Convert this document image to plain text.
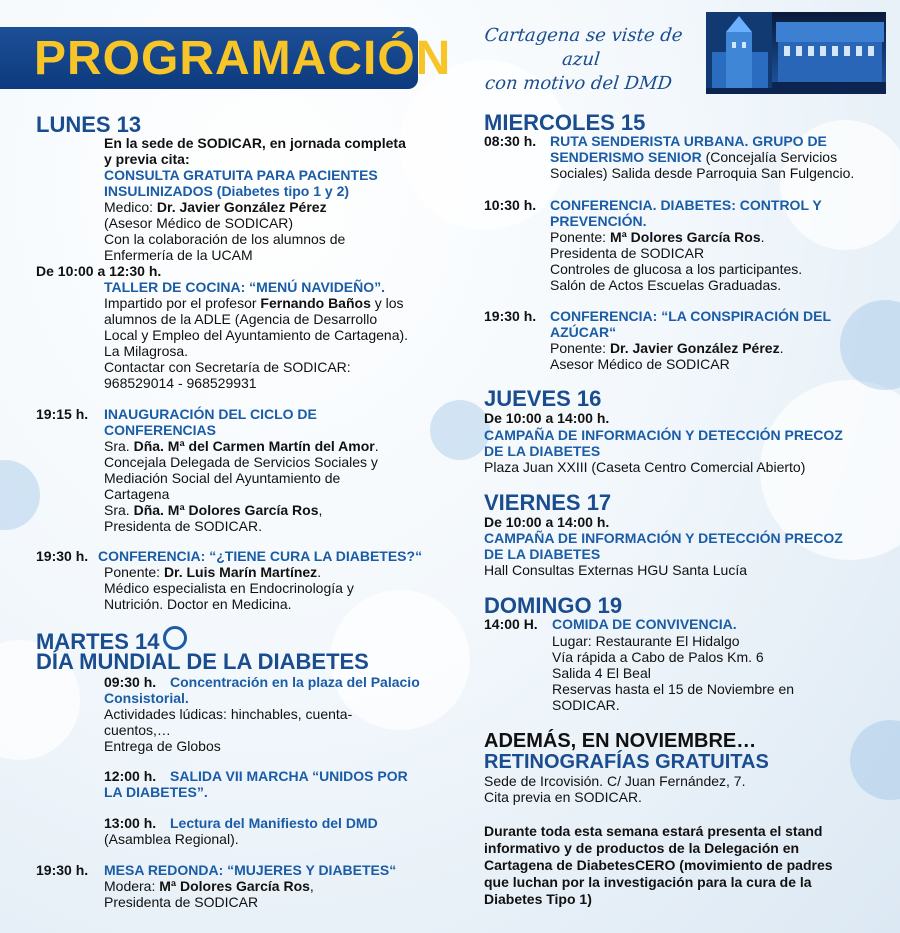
PROGRAMACIÓN	Cartagena se viste de azul
con motivo del DMD
LUNES 13
En la sede de SODICAR, en jornada completa
y previa cita:
CONSULTA GRATUITA PARA PACIENTES
INSULINIZADOS (Diabetes tipo 1 y 2)
Medico: Dr. Javier González Pérez
(Asesor Médico de SODICAR)
Con la colaboración de los alumnos de
Enfermería de la UCAM
De 10:00 a 12:30 h.
TALLER DE COCINA: “MENÚ NAVIDEÑO”.
Impartido por el profesor Fernando Baños y los
alumnos de la ADLE (Agencia de Desarrollo
Local y Empleo del Ayuntamiento de Cartagena).
La Milagrosa.
Contactar con Secretaría de SODICAR:
968529014 - 968529931
19:15 h. INAUGURACIÓN DEL CICLO DE
CONFERENCIAS
Sra. Dña. Mª del Carmen Martín del Amor.
Concejala Delegada de Servicios Sociales y
Mediación Social del Ayuntamiento de
Cartagena
Sra. Dña. Mª Dolores García Ros,
Presidenta de SODICAR.
19:30 h. CONFERENCIA: “¿TIENE CURA LA DIABETES?“
Ponente: Dr. Luis Marín Martínez.
Médico especialista en Endocrinología y
Nutrición. Doctor en Medicina.
MARTES 14
DÍA MUNDIAL DE LA DIABETES
09:30 h. Concentración en la plaza del Palacio
Consistorial.
Actividades lúdicas: hinchables, cuenta-
cuentos,…
Entrega de Globos
12:00 h. SALIDA VII MARCHA “UNIDOS POR
LA DIABETES”.
13:00 h. Lectura del Manifiesto del DMD
(Asamblea Regional).
19:30 h. MESA REDONDA: “MUJERES Y DIABETES“
Modera: Mª Dolores García Ros,
Presidenta de SODICAR
MIERCOLES 15
08:30 h. RUTA SENDERISTA URBANA. GRUPO DE
SENDERISMO SENIOR (Concejalía Servicios
Sociales) Salida desde Parroquia San Fulgencio.
10:30 h. CONFERENCIA. DIABETES: CONTROL Y
PREVENCIÓN.
Ponente: Mª Dolores García Ros.
Presidenta de SODICAR
Controles de glucosa a los participantes.
Salón de Actos Escuelas Graduadas.
19:30 h. CONFERENCIA: “LA CONSPIRACIÓN DEL
AZÚCAR“
Ponente: Dr. Javier González Pérez.
Asesor Médico de SODICAR
JUEVES 16
De 10:00 a 14:00 h.
CAMPAÑA DE INFORMACIÓN Y DETECCIÓN PRECOZ
DE LA DIABETES
Plaza Juan XXIII (Caseta Centro Comercial Abierto)
VIERNES 17
De 10:00 a 14:00 h.
CAMPAÑA DE INFORMACIÓN Y DETECCIÓN PRECOZ
DE LA DIABETES
Hall Consultas Externas HGU Santa Lucía
DOMINGO 19
14:00 H. COMIDA DE CONVIVENCIA.
Lugar: Restaurante El Hidalgo
Vía rápida a Cabo de Palos Km. 6
Salida 4 El Beal
Reservas hasta el 15 de Noviembre en
SODICAR.
ADEMÁS, EN NOVIEMBRE…
RETINOGRAFÍAS GRATUITAS
Sede de Ircovisión. C/ Juan Fernández, 7.
Cita previa en SODICAR.
Durante toda esta semana estará presenta el stand
informativo y de productos de la Delegación en
Cartagena de DiabetesCERO (movimiento de padres
que luchan por la investigación para la cura de la
Diabetes Tipo 1)
